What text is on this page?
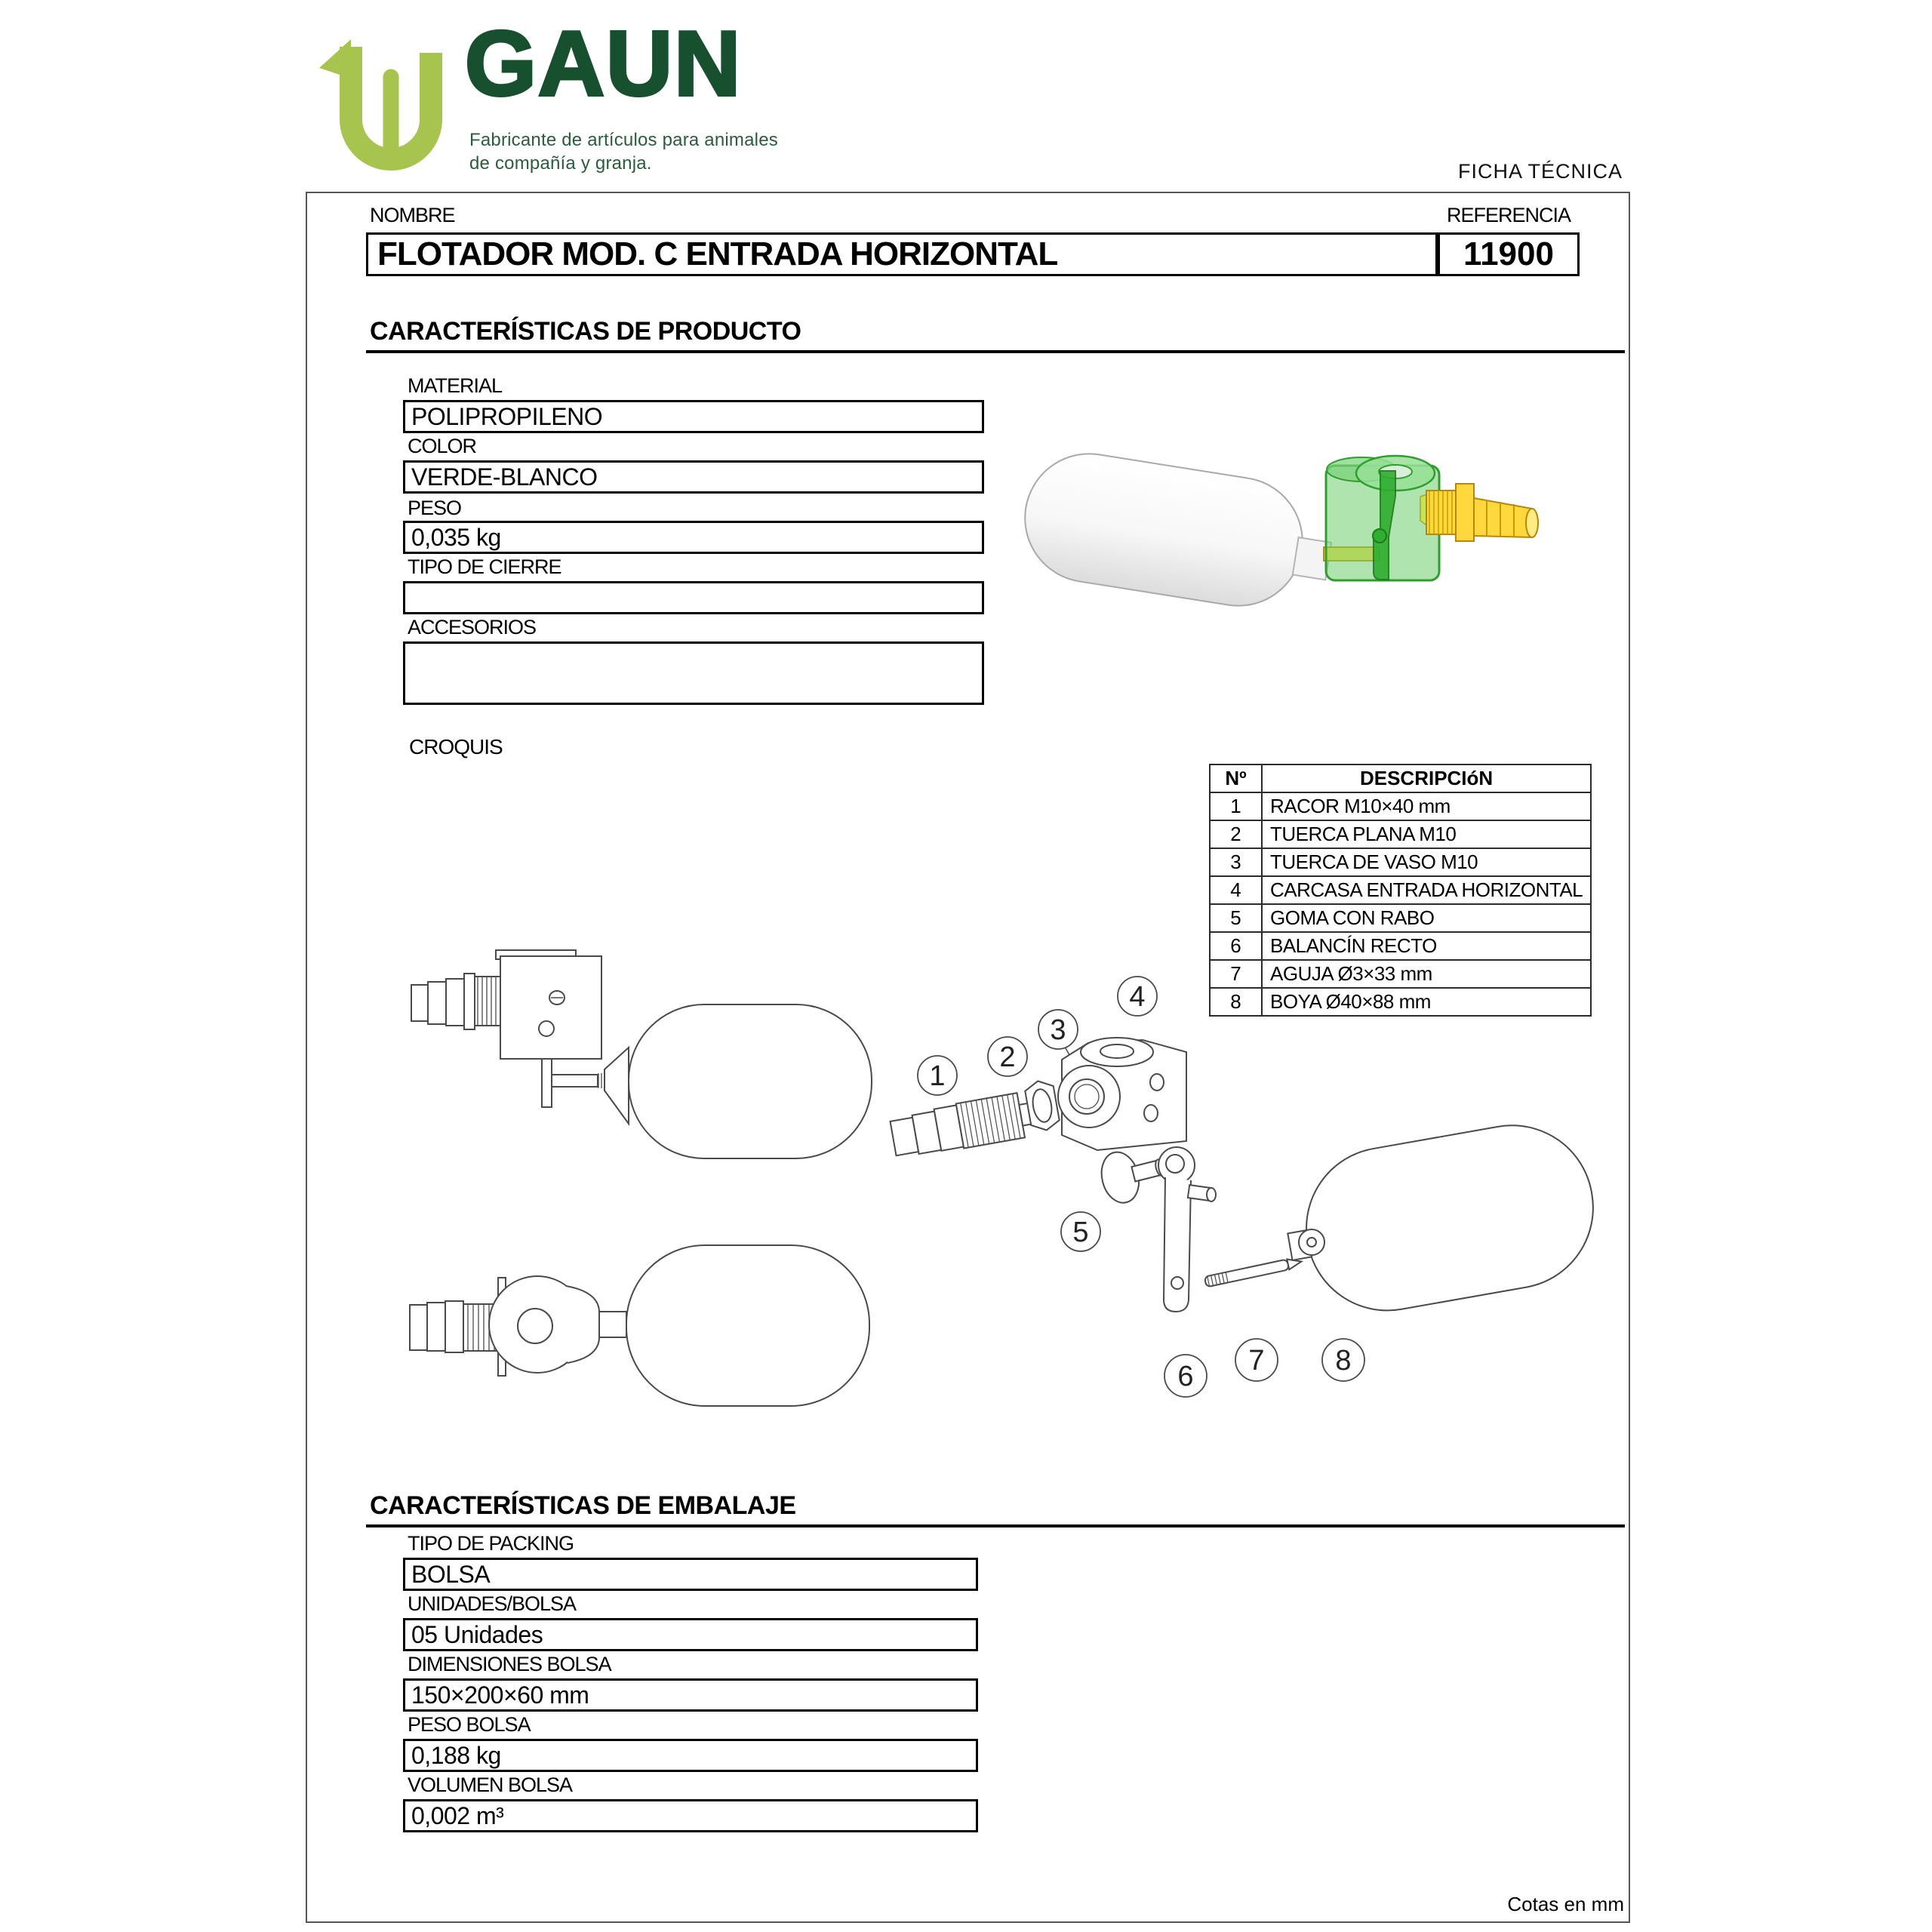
GAUN
Fabricante de artículos para animales
de compañía y granja.	FICHA TÉCNICA
NOMBRE	REFERENCIA
FLOTADOR MOD. C ENTRADA HORIZONTAL	11900
CARACTERÍSTICAS DE PRODUCTO
MATERIAL
POLIPROPILENO
COLOR
VERDE-BLANCO
PESO
0,035 kg
TIPO DE CIERRE
ACCESORIOS
CROQUIS
Nº	DESCRIPCIóN
1	RACOR M10×40 mm
2	TUERCA PLANA M10
3	TUERCA DE VASO M10
4	CARCASA ENTRADA HORIZONTAL
5	GOMA CON RABO
6	BALANCÍN RECTO
7	AGUJA Ø3×33 mm
8	BOYA Ø40×88 mm
1
2
3
4
5
6 7 8
CARACTERÍSTICAS DE EMBALAJE
TIPO DE PACKING
BOLSA
UNIDADES/BOLSA
05 Unidades
DIMENSIONES BOLSA
150×200×60 mm
PESO BOLSA
0,188 kg
VOLUMEN BOLSA
0,002 m³
Cotas en mm
